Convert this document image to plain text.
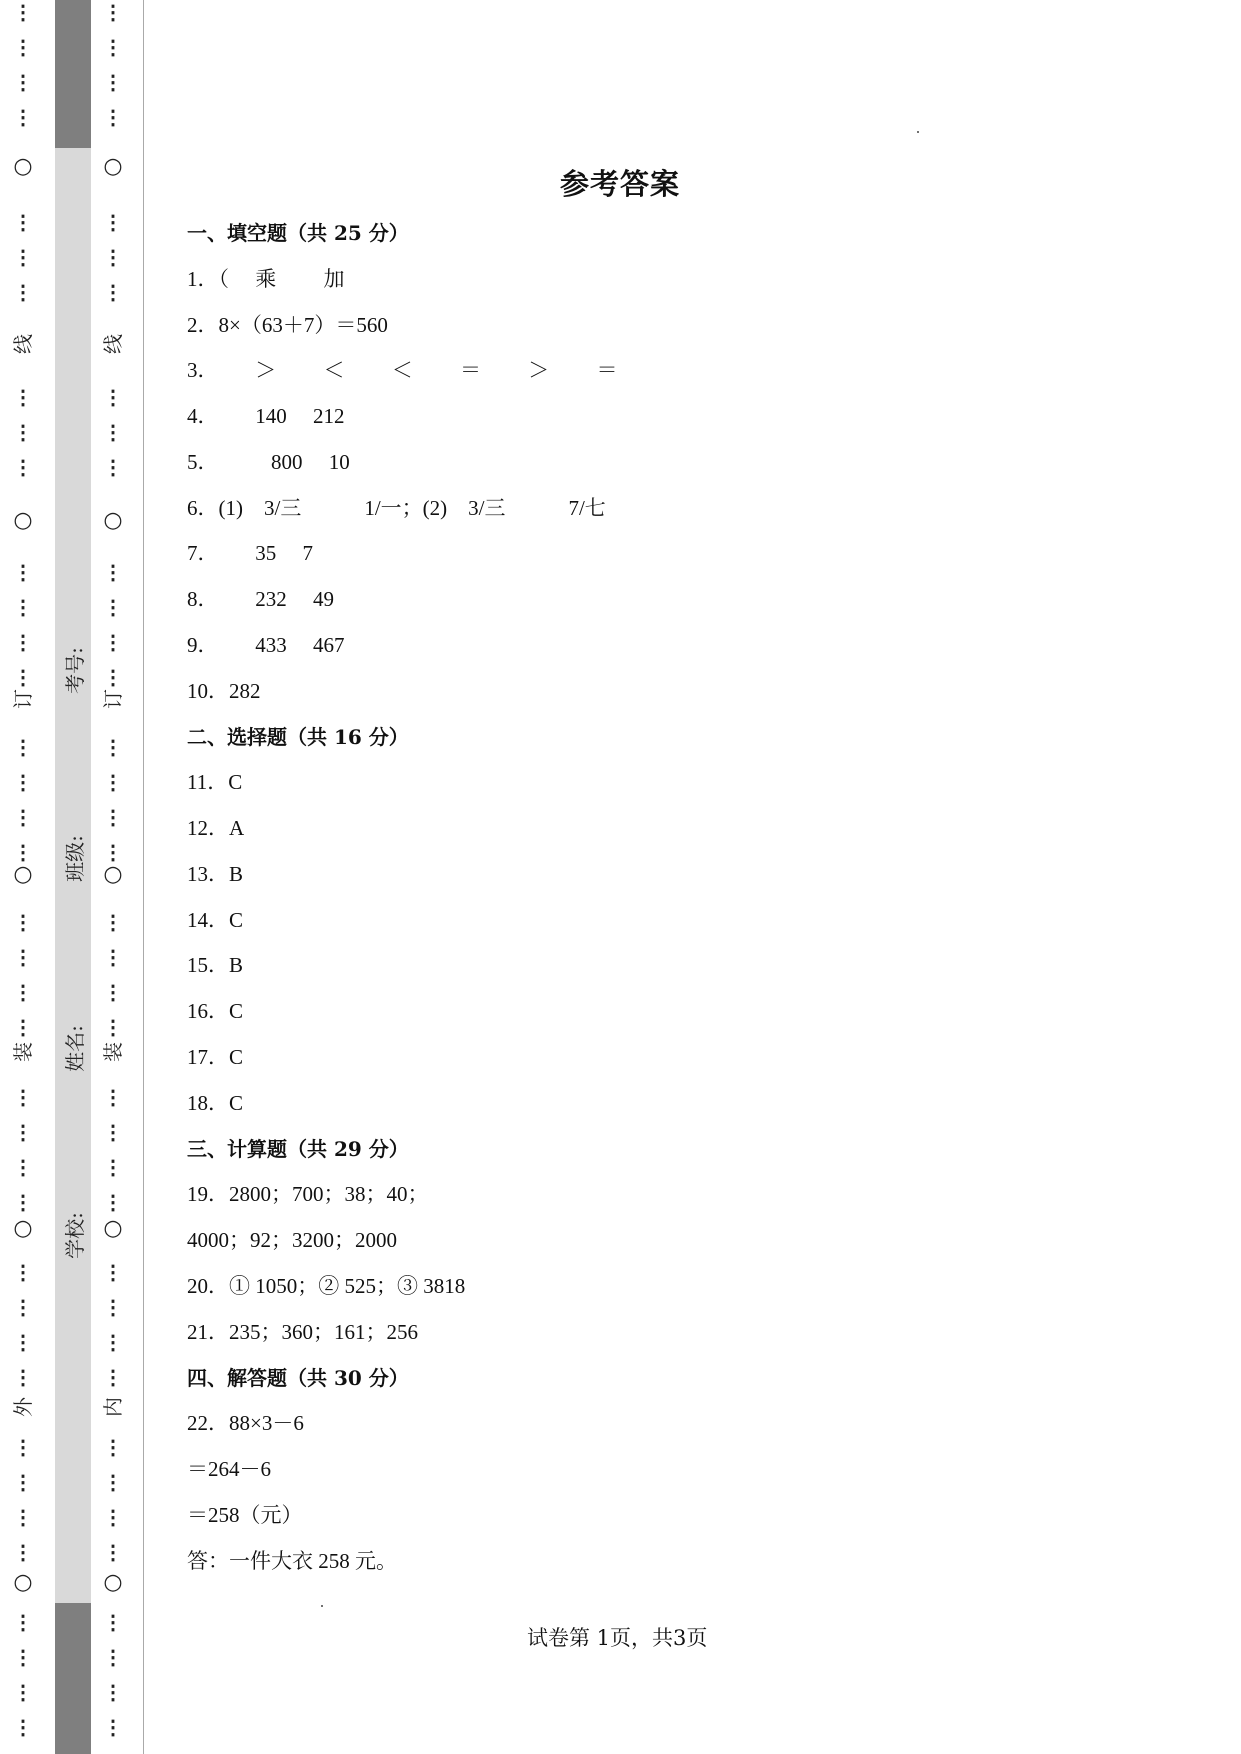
○
○
○
○
○
线
订
装
外
⋮
⋮
⋮
⋮
⋮
⋮
⋮
⋮
⋮
⋮
⋮
⋮
⋮
⋮
⋮
⋮
⋮
⋮
⋮
⋮
⋮
⋮
⋮
⋮
⋮
⋮
⋮
⋮
⋮
⋮
⋮
⋮
⋮
⋮
⋮
⋮
⋮
⋮
考号:
班级:
姓名:
学校:
○
○
○
○
○
线
订
装
内
⋮
⋮
⋮
⋮
⋮
⋮
⋮
⋮
⋮
⋮
⋮
⋮
⋮
⋮
⋮
⋮
⋮
⋮
⋮
⋮
⋮
⋮
⋮
⋮
⋮
⋮
⋮
⋮
⋮
⋮
⋮
⋮
⋮
⋮
⋮
⋮
⋮
⋮
参考答案
一、填空题（共 25 分）
1．（　 乘　　 加
2．8×（63＋7）＝560
3．　　 ＞　　 ＜　　 ＜　　 ＝　　 ＞　　 ＝
4．　　 140　 212
5．　　　800　 10
6．(1)　3/三　　　1/一；(2)　3/三　　　7/七
7．　　 35　 7
8．　　 232　 49
9．　　 433　 467
10．282
二、选择题（共 16 分）
11．C
12．A
13．B
14．C
15．B
16．C
17．C
18．C
三、计算题（共 29 分）
19．2800；700；38；40；
4000；92；3200；2000
20．① 1050；② 525；③ 3818
21．235；360；161；256
四、解答题（共 30 分）
22．88×3－6
＝264－6
＝258（元）
答：一件大衣 258 元。
试卷第 1页，共3页
